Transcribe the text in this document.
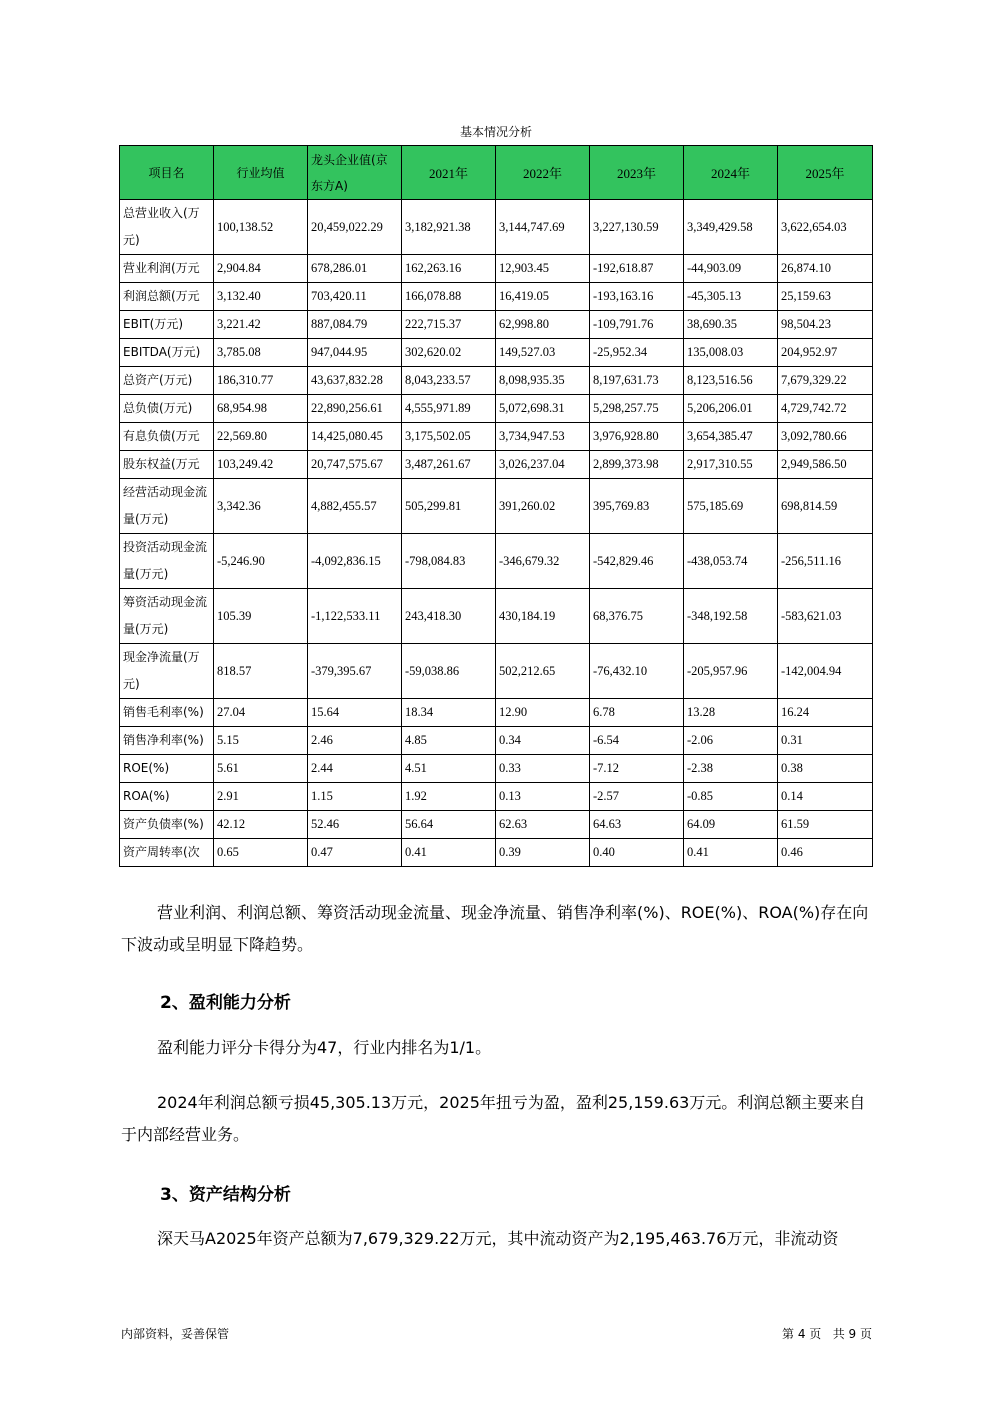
基本情况分析
项目名	行业均值	龙头企业值(京东方A)	2021年	2022年	2023年	2024年	2025年
总营业收入(万元)	100,138.52	20,459,022.29	3,182,921.38	3,144,747.69	3,227,130.59	3,349,429.58	3,622,654.03
营业利润(万元	2,904.84	678,286.01	162,263.16	12,903.45	-192,618.87	-44,903.09	26,874.10
利润总额(万元	3,132.40	703,420.11	166,078.88	16,419.05	-193,163.16	-45,305.13	25,159.63
EBIT(万元)	3,221.42	887,084.79	222,715.37	62,998.80	-109,791.76	38,690.35	98,504.23
EBITDA(万元)	3,785.08	947,044.95	302,620.02	149,527.03	-25,952.34	135,008.03	204,952.97
总资产(万元)	186,310.77	43,637,832.28	8,043,233.57	8,098,935.35	8,197,631.73	8,123,516.56	7,679,329.22
总负债(万元)	68,954.98	22,890,256.61	4,555,971.89	5,072,698.31	5,298,257.75	5,206,206.01	4,729,742.72
有息负债(万元	22,569.80	14,425,080.45	3,175,502.05	3,734,947.53	3,976,928.80	3,654,385.47	3,092,780.66
股东权益(万元	103,249.42	20,747,575.67	3,487,261.67	3,026,237.04	2,899,373.98	2,917,310.55	2,949,586.50
经营活动现金流量(万元)	3,342.36	4,882,455.57	505,299.81	391,260.02	395,769.83	575,185.69	698,814.59
投资活动现金流量(万元)	-5,246.90	-4,092,836.15	-798,084.83	-346,679.32	-542,829.46	-438,053.74	-256,511.16
筹资活动现金流量(万元)	105.39	-1,122,533.11	243,418.30	430,184.19	68,376.75	-348,192.58	-583,621.03
现金净流量(万元)	818.57	-379,395.67	-59,038.86	502,212.65	-76,432.10	-205,957.96	-142,004.94
销售毛利率(%)	27.04	15.64	18.34	12.90	6.78	13.28	16.24
销售净利率(%)	5.15	2.46	4.85	0.34	-6.54	-2.06	0.31
ROE(%)	5.61	2.44	4.51	0.33	-7.12	-2.38	0.38
ROA(%)	2.91	1.15	1.92	0.13	-2.57	-0.85	0.14
资产负债率(%)	42.12	52.46	56.64	62.63	64.63	64.09	61.59
资产周转率(次	0.65	0.47	0.41	0.39	0.40	0.41	0.46
营业利润、利润总额、筹资活动现金流量、现金净流量、销售净利率(%)、ROE(%)、ROA(%)存在向下波动或呈明显下降趋势。
2、盈利能力分析
盈利能力评分卡得分为47，行业内排名为1/1。
2024年利润总额亏损45,305.13万元，2025年扭亏为盈，盈利25,159.63万元。利润总额主要来自于内部经营业务。
3、资产结构分析
深天马A2025年资产总额为7,679,329.22万元，其中流动资产为2,195,463.76万元，非流动资
内部资料，妥善保管	第 4 页   共 9 页
